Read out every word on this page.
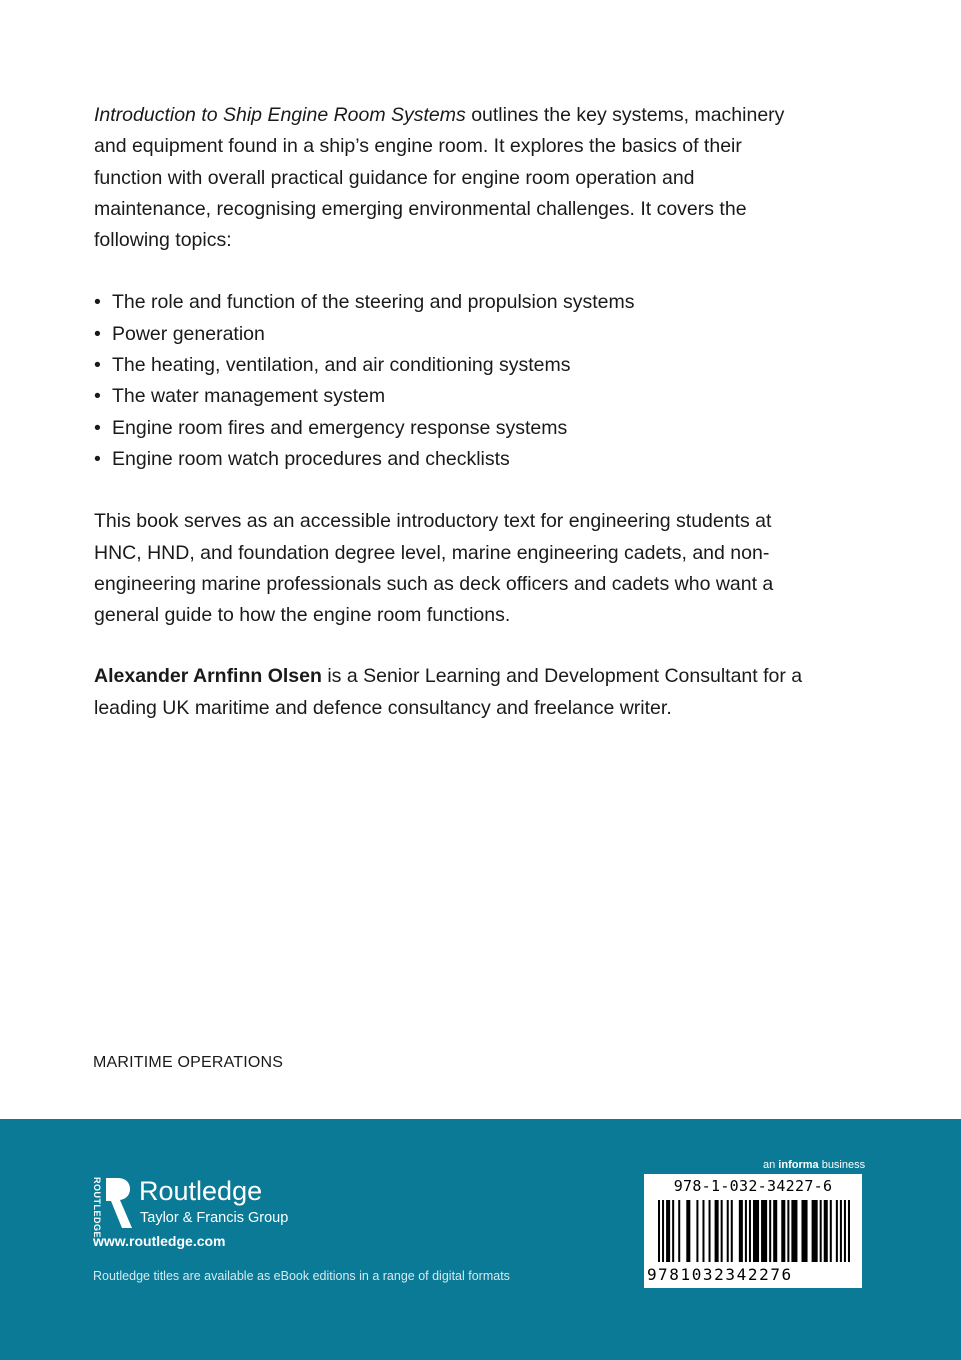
Introduction to Ship Engine Room Systems outlines the key systems, machinery and equipment found in a ship’s engine room. It explores the basics of their function with overall practical guidance for engine room operation and maintenance, recognising emerging environmental challenges. It covers the following topics:

• The role and function of the steering and propulsion systems
• Power generation
• The heating, ventilation, and air conditioning systems
• The water management system
• Engine room fires and emergency response systems
• Engine room watch procedures and checklists

This book serves as an accessible introductory text for engineering students at HNC, HND, and foundation degree level, marine engineering cadets, and non-engineering marine professionals such as deck officers and cadets who want a general guide to how the engine room functions.

Alexander Arnfinn Olsen is a Senior Learning and Development Consultant for a leading UK maritime and defence consultancy and freelance writer.

MARITIME OPERATIONS
ROUTLEDGE Routledge
Taylor & Francis Group
www.routledge.com
Routledge titles are available as eBook editions in a range of digital formats
an informa business
978-1-032-34227-6
9 781032342276
